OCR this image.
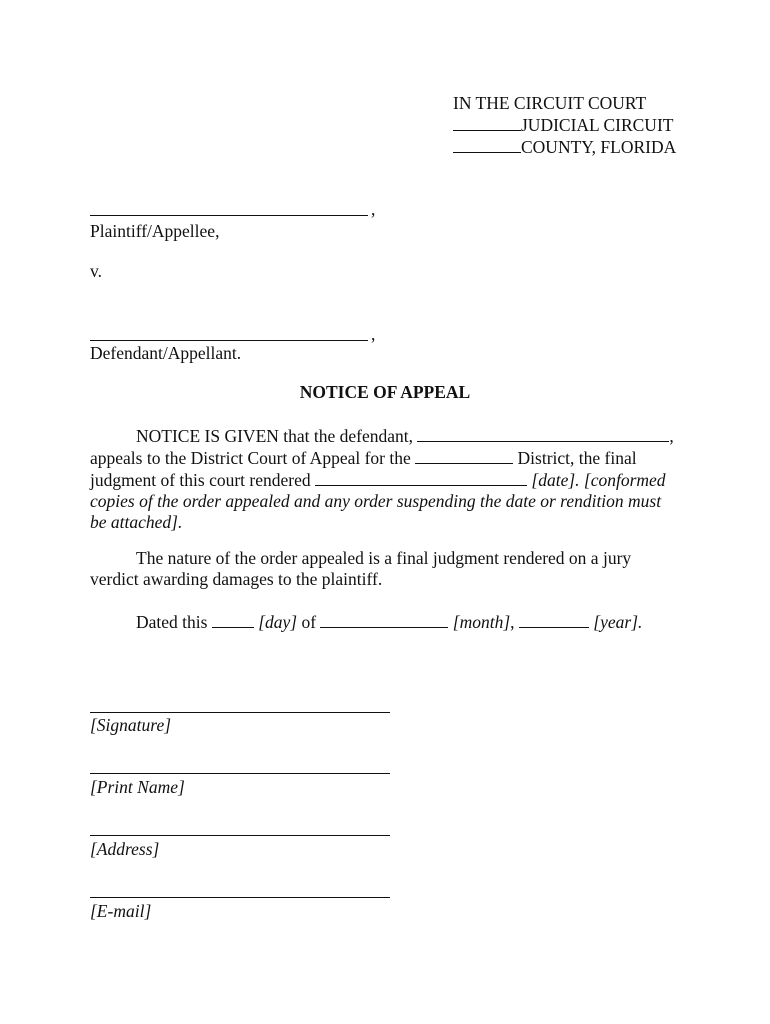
IN THE CIRCUIT COURT
JUDICIAL CIRCUIT
COUNTY, FLORIDA
,
Plaintiff/Appellee,
v.
,
Defendant/Appellant.
NOTICE OF APPEAL
NOTICE IS GIVEN that the defendant,	,
appeals to the District Court of Appeal for the	District, the final
judgment of this court rendered	[date]. [conformed
copies of the order appealed and any order suspending the date or rendition must
be attached].
The nature of the order appealed is a final judgment rendered on a jury
verdict awarding damages to the plaintiff.
Dated this	[day] of	[month],	[year].
[Signature]
[Print Name]
[Address]
[E-mail]
